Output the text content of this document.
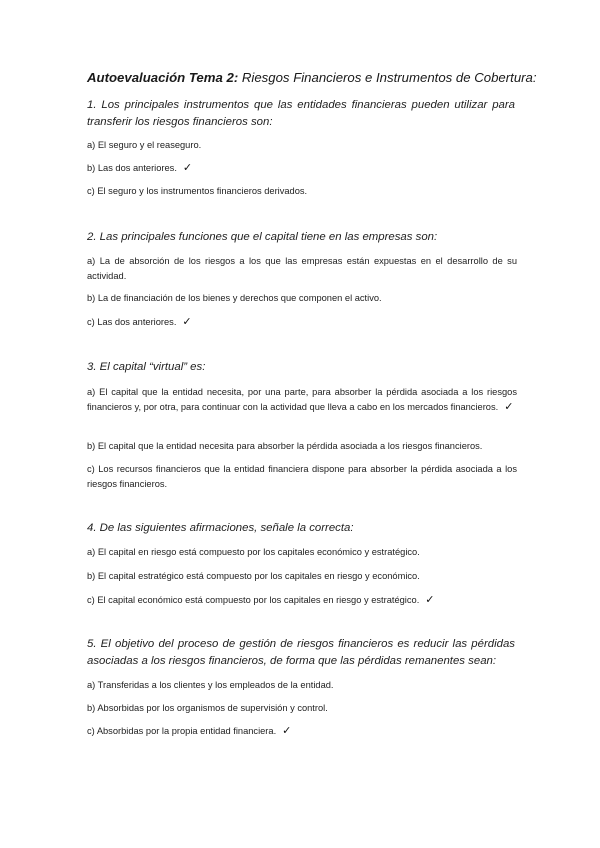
Autoevaluación Tema 2: Riesgos Financieros e Instrumentos de Cobertura:
1. Los principales instrumentos que las entidades financieras pueden utilizar para transferir los riesgos financieros son:
a) El seguro y el reaseguro.
b) Las dos anteriores. ✓
c) El seguro y los instrumentos financieros derivados.
2. Las principales funciones que el capital tiene en las empresas son:
a) La de absorción de los riesgos a los que las empresas están expuestas en el desarrollo de su actividad.
b) La de financiación de los bienes y derechos que componen el activo.
c) Las dos anteriores. ✓
3. El capital “virtual” es:
a) El capital que la entidad necesita, por una parte, para absorber la pérdida asociada a los riesgos financieros y, por otra, para continuar con la actividad que lleva a cabo en los mercados financieros. ✓
b) El capital que la entidad necesita para absorber la pérdida asociada a los riesgos financieros.
c) Los recursos financieros que la entidad financiera dispone para absorber la pérdida asociada a los riesgos financieros.
4. De las siguientes afirmaciones, señale la correcta:
a) El capital en riesgo está compuesto por los capitales económico y estratégico.
b) El capital estratégico está compuesto por los capitales en riesgo y económico.
c) El capital económico está compuesto por los capitales en riesgo y estratégico. ✓
5. El objetivo del proceso de gestión de riesgos financieros es reducir las pérdidas asociadas a los riesgos financieros, de forma que las pérdidas remanentes sean:
a) Transferidas a los clientes y los empleados de la entidad.
b) Absorbidas por los organismos de supervisión y control.
c) Absorbidas por la propia entidad financiera. ✓
